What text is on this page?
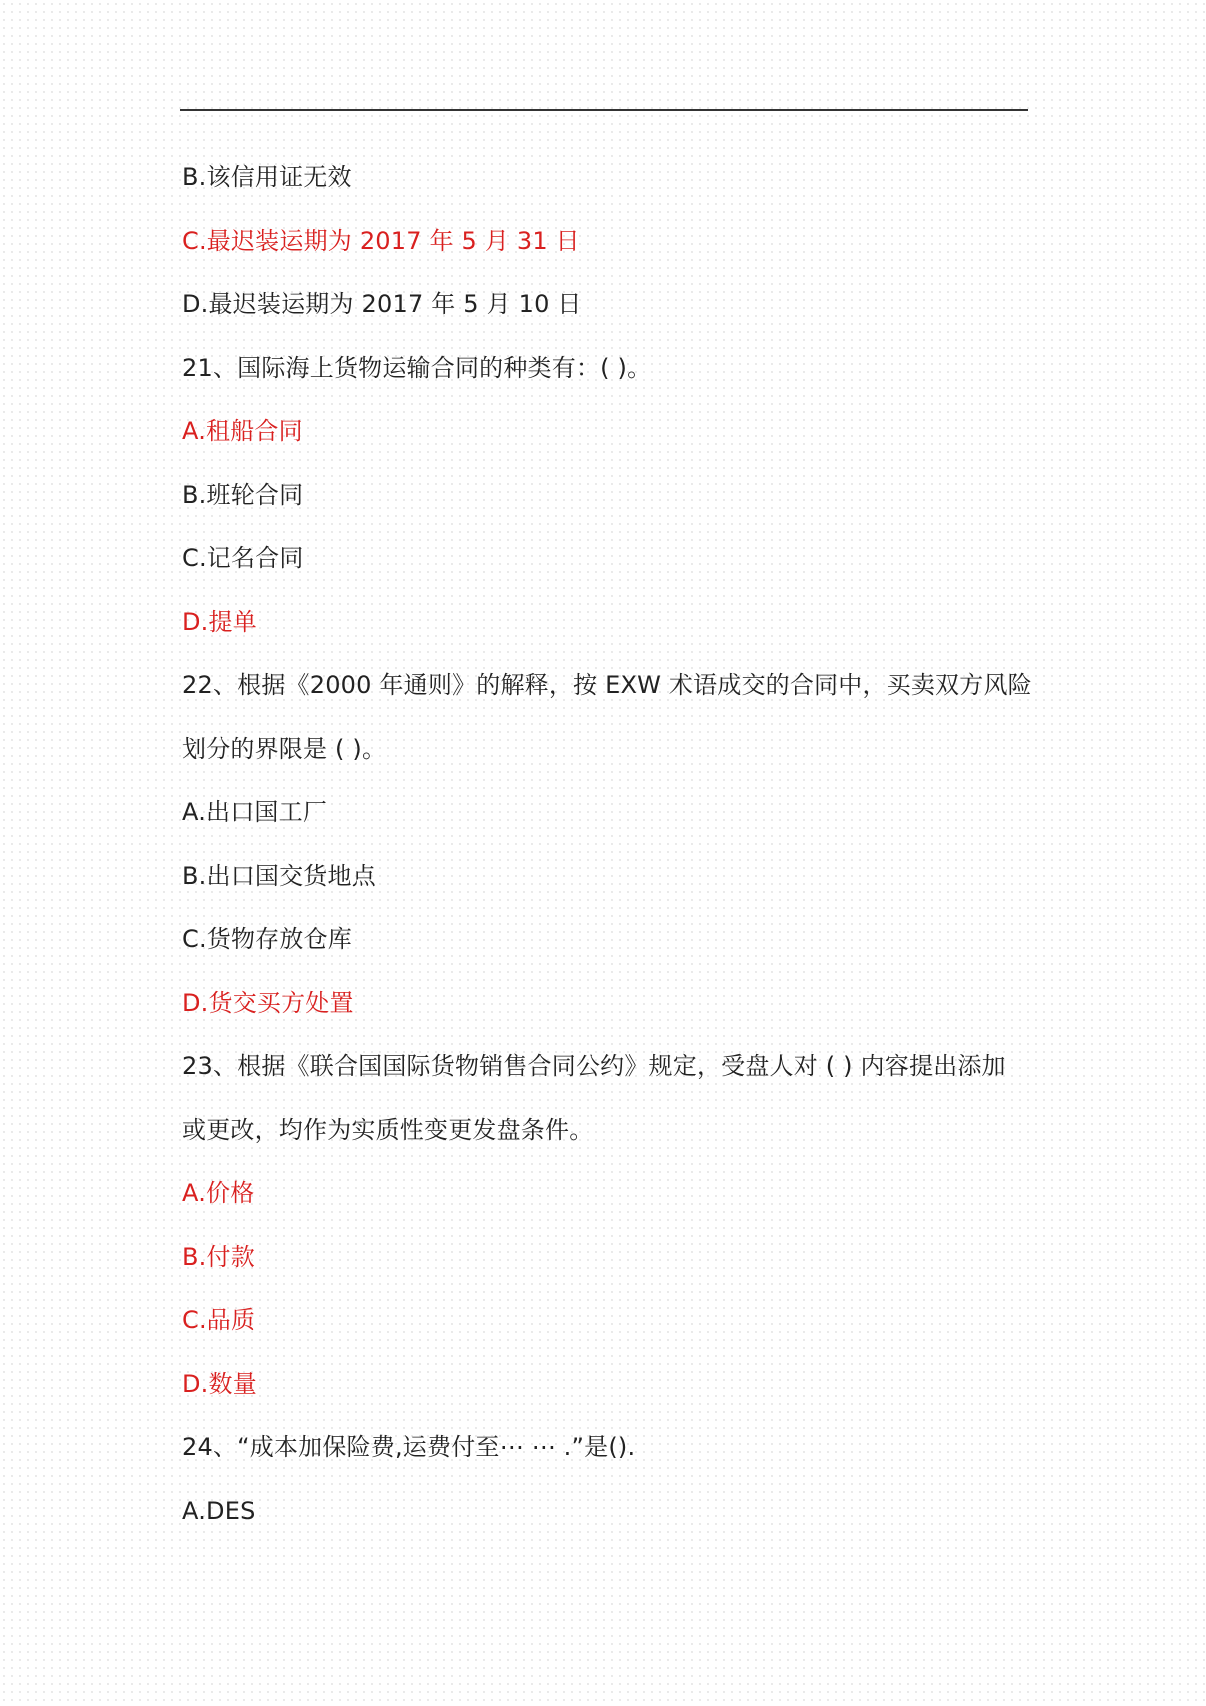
B.该信用证无效
C.最迟装运期为 2017 年 5 月 31 日
D.最迟装运期为 2017 年 5 月 10 日
21、国际海上货物运输合同的种类有：( )。
A.租船合同
B.班轮合同
C.记名合同
D.提单
22、根据《2000 年通则》的解释，按 EXW 术语成交的合同中，买卖双方风险
划分的界限是 ( )。
A.出口国工厂
B.出口国交货地点
C.货物存放仓库
D.货交买方处置
23、根据《联合国国际货物销售合同公约》规定，受盘人对 ( ) 内容提出添加
或更改，均作为实质性变更发盘条件。
A.价格
B.付款
C.品质
D.数量
24、“成本加保险费,运费付至⋯ ⋯ .”是().
A.DES
